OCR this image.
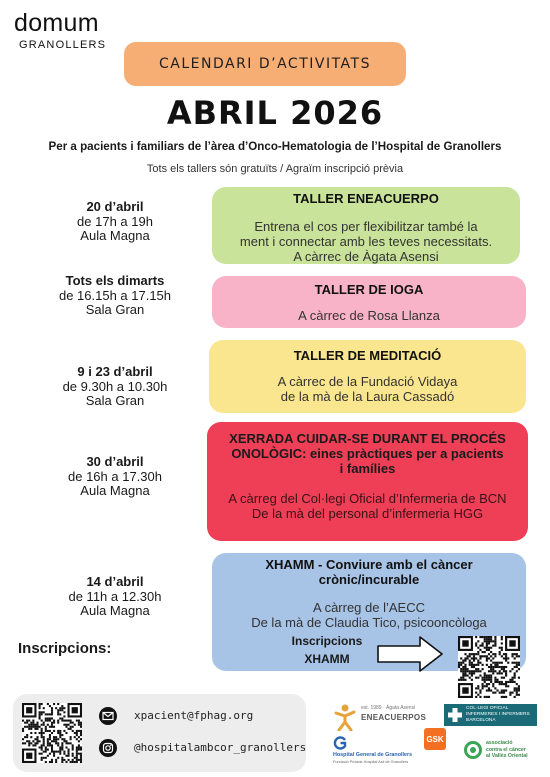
domum
GRANOLLERS
CALENDARI D’ACTIVITATS
ABRIL 2026
Per a pacients i familiars de l’àrea d’Onco-Hematologia de l’Hospital de Granollers
Tots els tallers són gratuïts / Agraïm inscripció prèvia
20 d’abril
de 17h a 19h
Aula Magna
TALLER ENEACUERPO
Entrena el cos per flexibilitzar també la
ment i connectar amb les teves necessitats.
A càrrec de Àgata Asensi
Tots els dimarts
de 16.15h a 17.15h
Sala Gran
TALLER DE IOGA
A càrrec de Rosa Llanza
9 i 23 d’abril
de 9.30h a 10.30h
Sala Gran
TALLER DE MEDITACIÓ
A càrrec de la Fundació Vidaya
de la mà de la Laura Cassadó
30 d’abril
de 16h a 17.30h
Aula Magna
XERRADA CUIDAR-SE DURANT EL PROCÉS
ONOLÒGIC: eines pràctiques per a pacients
i famílies
A càrreg del Col·legi Oficial d’Infermeria de BCN
De la mà del personal d’infermeria HGG
14 d’abril
de 11h a 12.30h
Aula Magna
XHAMM - Conviure amb el càncer
crònic/incurable
A càrreg de l’AECC
De la mà de Claudia Tico, psicooncòloga
Inscripcions:	Inscripcions
XHAMM
xpacient@fphag.org
@hospitalambcor_granollers
est. 1989 · Ágata Asensi
ENEACUERPOS
COL·LEGI OFICIAL
INFERMERES I INFERMERS
BARCELONA
Hospital General de Granollers
Fundació Privada Hospital Asil de Granollers
GSK	associació
contra el càncer
al Vallès Oriental
